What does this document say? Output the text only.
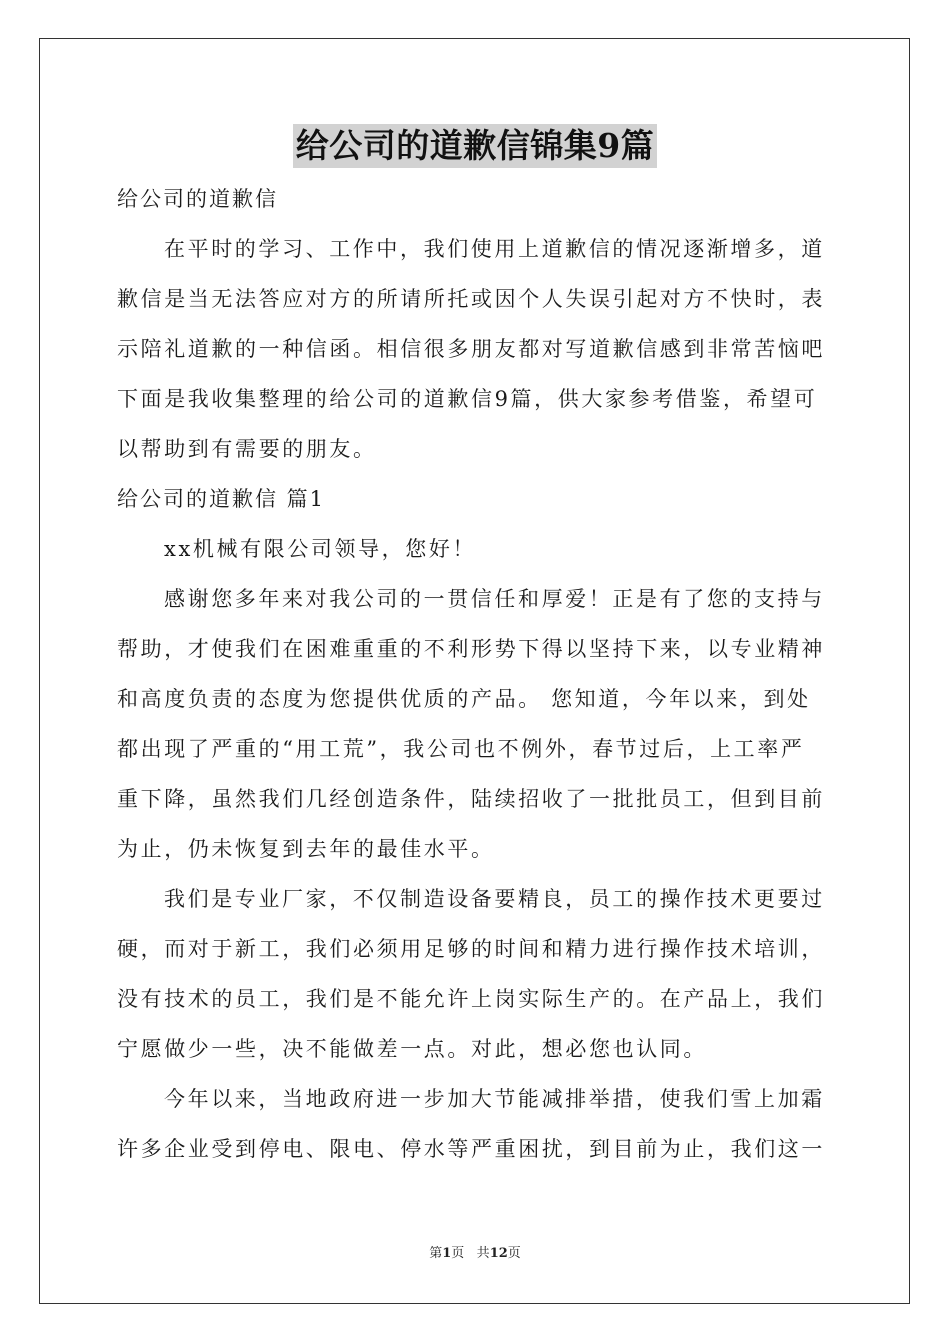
给公司的道歉信锦集9篇
给公司的道歉信
在平时的学习、工作中，我们使用上道歉信的情况逐渐增多，道
歉信是当无法答应对方的所请所托或因个人失误引起对方不快时，表
示陪礼道歉的一种信函。相信很多朋友都对写道歉信感到非常苦恼吧
下面是我收集整理的给公司的道歉信9篇，供大家参考借鉴，希望可
以帮助到有需要的朋友。
给公司的道歉信 篇1
xx机械有限公司领导，您好！
感谢您多年来对我公司的一贯信任和厚爱！正是有了您的支持与
帮助，才使我们在困难重重的不利形势下得以坚持下来，以专业精神
和高度负责的态度为您提供优质的产品。 您知道，今年以来，到处
都出现了严重的“用工荒”，我公司也不例外，春节过后，上工率严
重下降，虽然我们几经创造条件，陆续招收了一批批员工，但到目前
为止，仍未恢复到去年的最佳水平。
我们是专业厂家，不仅制造设备要精良，员工的操作技术更要过
硬，而对于新工，我们必须用足够的时间和精力进行操作技术培训，
没有技术的员工，我们是不能允许上岗实际生产的。在产品上，我们
宁愿做少一些，决不能做差一点。对此，想必您也认同。
今年以来，当地政府进一步加大节能减排举措，使我们雪上加霜
许多企业受到停电、限电、停水等严重困扰，到目前为止，我们这一
第1页 共12页
